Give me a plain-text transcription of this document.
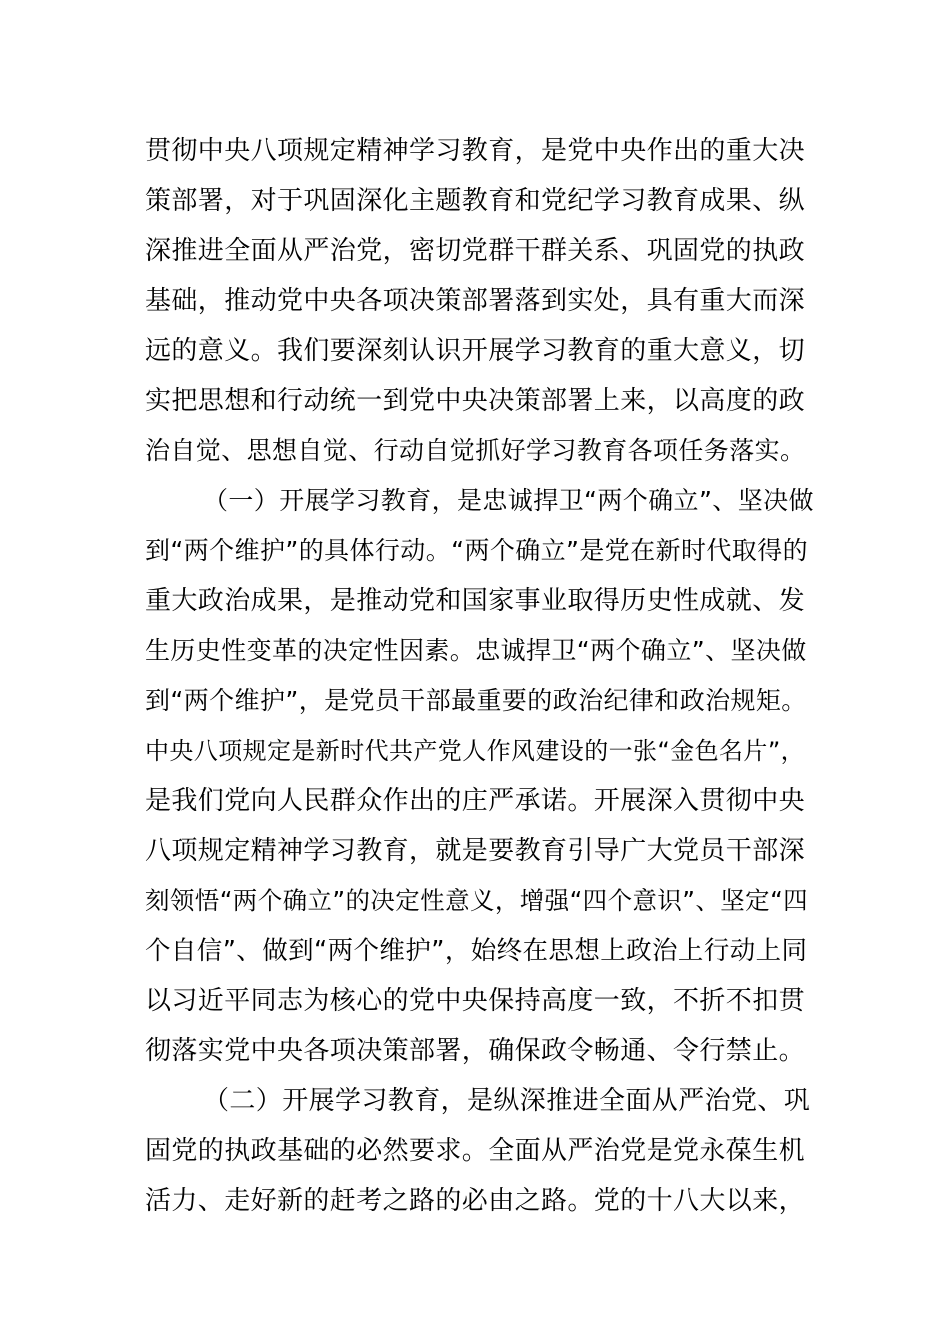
贯彻中央八项规定精神学习教育，是党中央作出的重大决
策部署，对于巩固深化主题教育和党纪学习教育成果、纵
深推进全面从严治党，密切党群干群关系、巩固党的执政
基础，推动党中央各项决策部署落到实处，具有重大而深
远的意义。我们要深刻认识开展学习教育的重大意义，切
实把思想和行动统一到党中央决策部署上来，以高度的政
治自觉、思想自觉、行动自觉抓好学习教育各项任务落实。
（一）开展学习教育，是忠诚捍卫“两个确立”、坚决做
到“两个维护”的具体行动。“两个确立”是党在新时代取得的
重大政治成果，是推动党和国家事业取得历史性成就、发
生历史性变革的决定性因素。忠诚捍卫“两个确立”、坚决做
到“两个维护”，是党员干部最重要的政治纪律和政治规矩。
中央八项规定是新时代共产党人作风建设的一张“金色名片”，
是我们党向人民群众作出的庄严承诺。开展深入贯彻中央
八项规定精神学习教育，就是要教育引导广大党员干部深
刻领悟“两个确立”的决定性意义，增强“四个意识”、坚定“四
个自信”、做到“两个维护”，始终在思想上政治上行动上同
以习近平同志为核心的党中央保持高度一致，不折不扣贯
彻落实党中央各项决策部署，确保政令畅通、令行禁止。
（二）开展学习教育，是纵深推进全面从严治党、巩
固党的执政基础的必然要求。全面从严治党是党永葆生机
活力、走好新的赶考之路的必由之路。党的十八大以来，
